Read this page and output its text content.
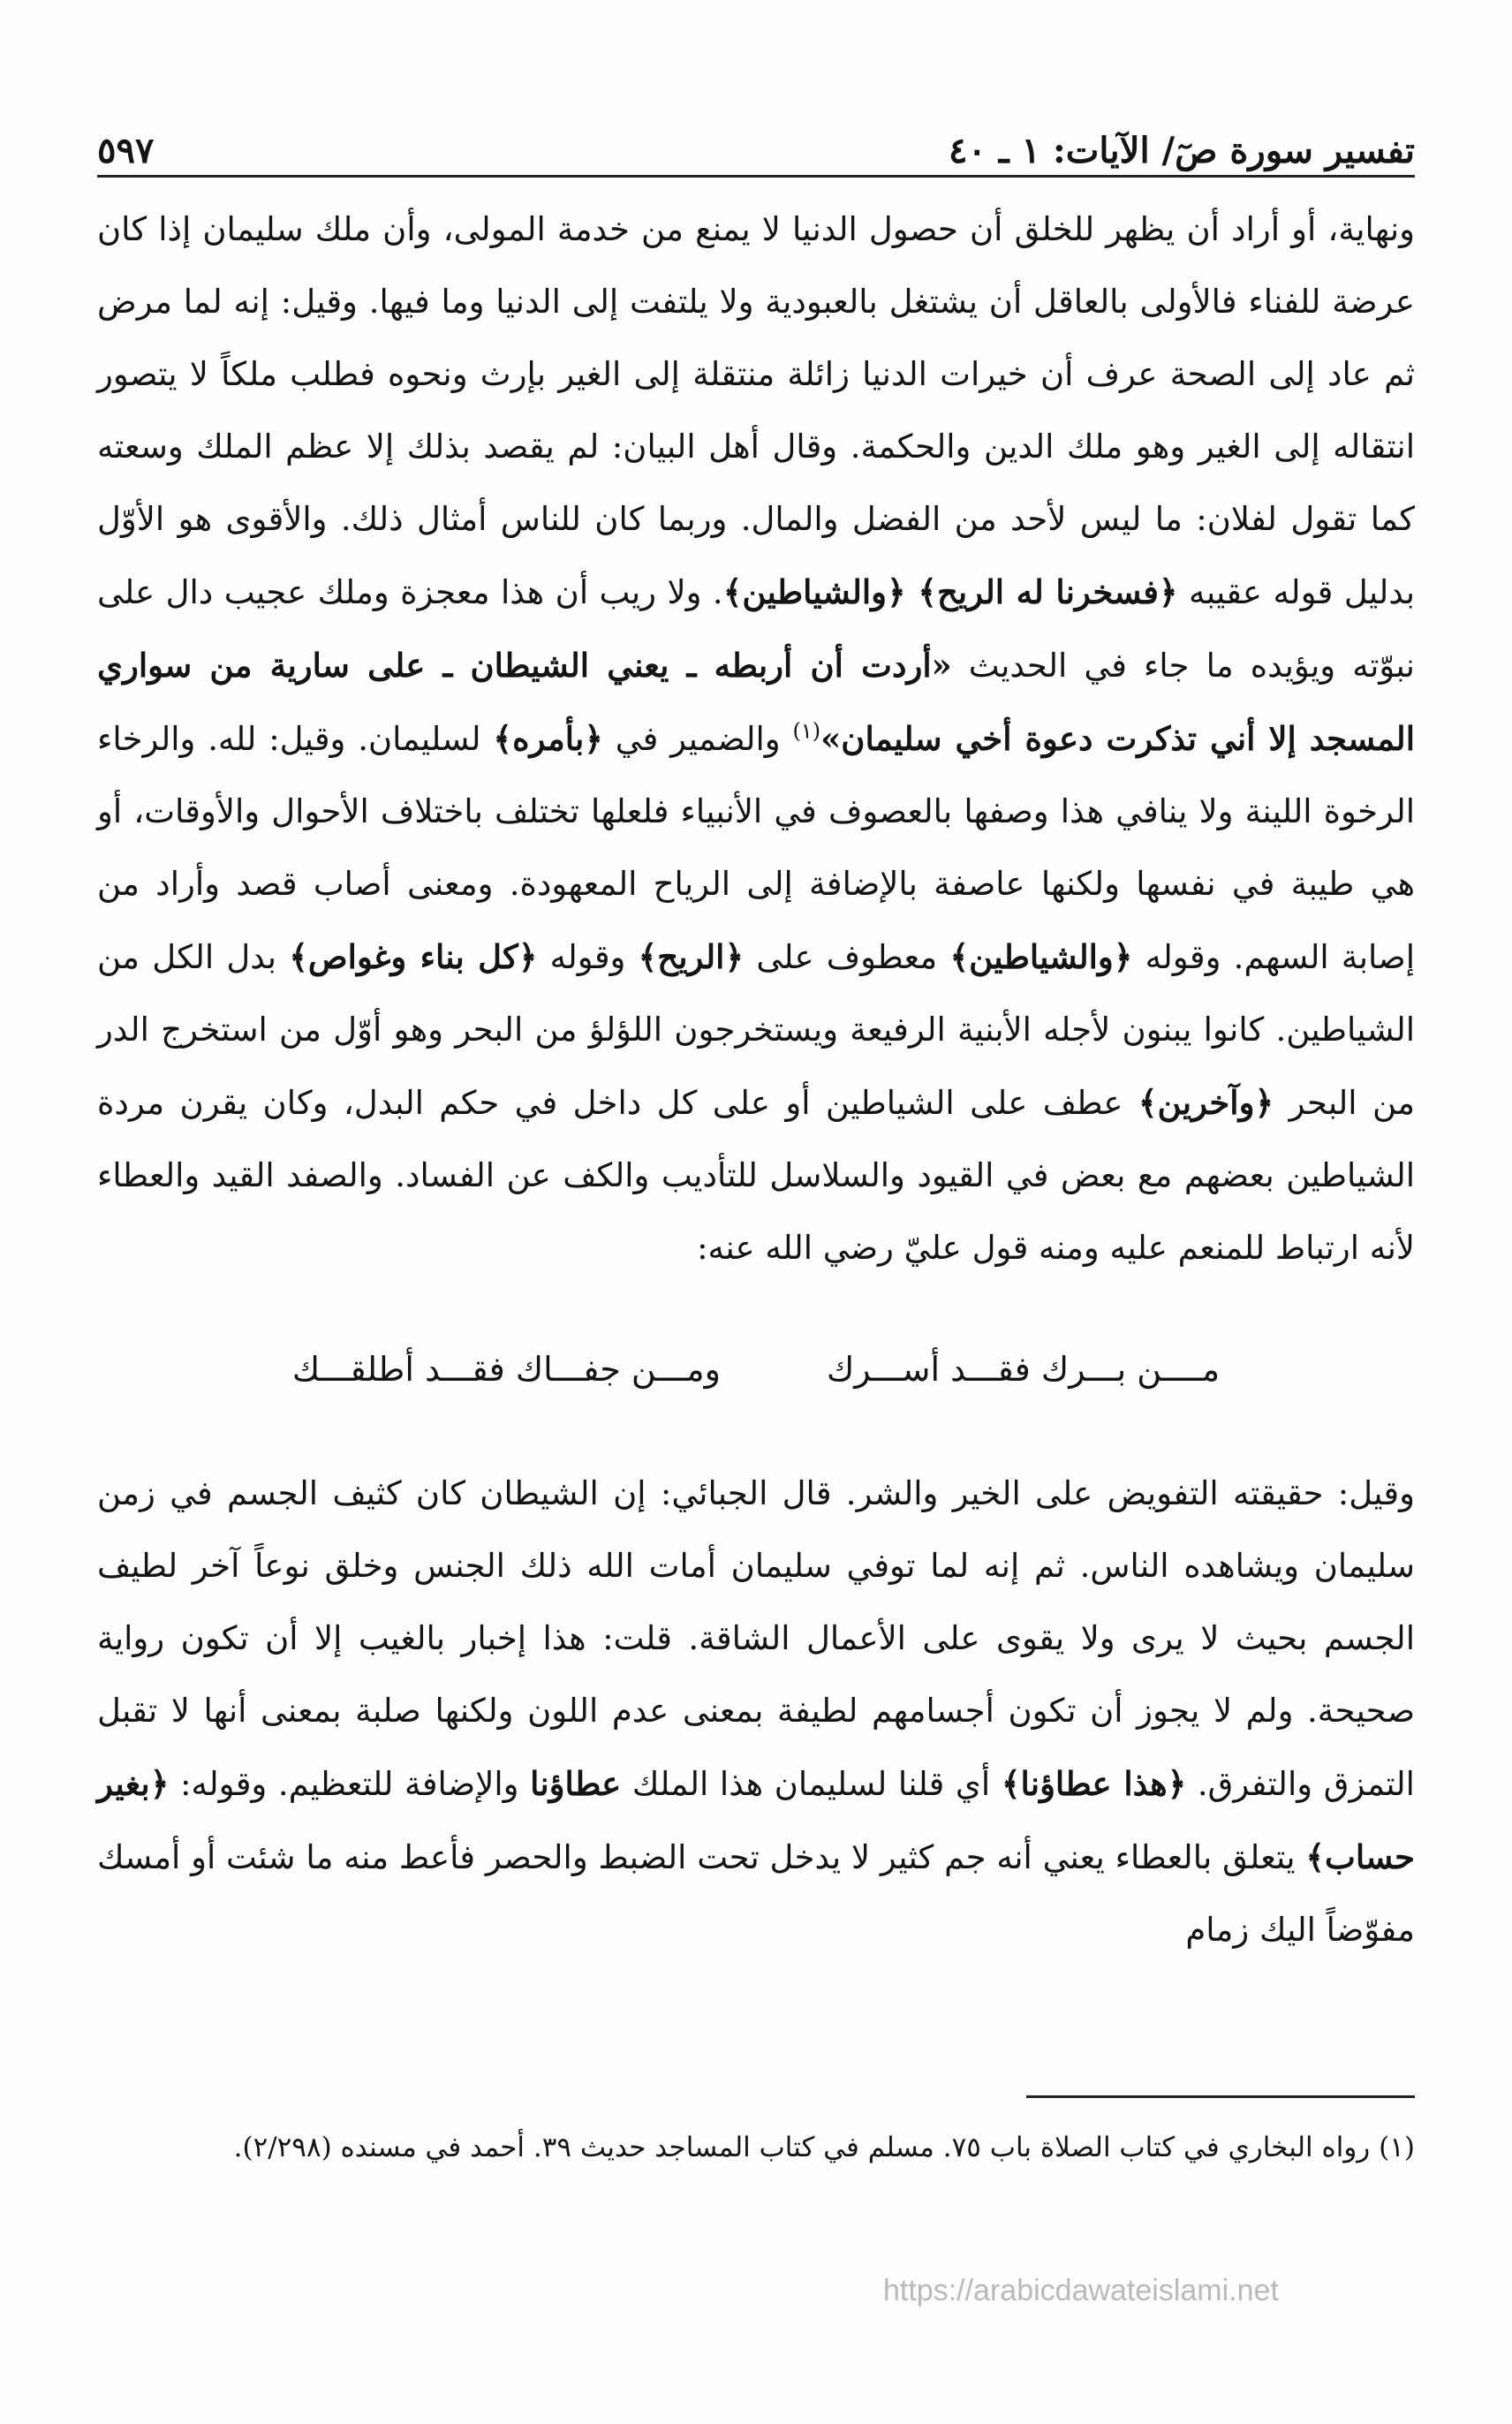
تفسير سورة صٓ/ الآيات: ١ ـ ٤٠
٥٩٧

ونهاية، أو أراد أن يظهر للخلق أن حصول الدنيا لا يمنع من خدمة المولى، وأن ملك سليمان إذا كان عرضة للفناء فالأولى بالعاقل أن يشتغل بالعبودية ولا يلتفت إلى الدنيا وما فيها. وقيل: إنه لما مرض ثم عاد إلى الصحة عرف أن خيرات الدنيا زائلة منتقلة إلى الغير بإرث ونحوه فطلب ملكاً لا يتصور انتقاله إلى الغير وهو ملك الدين والحكمة. وقال أهل البيان: لم يقصد بذلك إلا عظم الملك وسعته كما تقول لفلان: ما ليس لأحد من الفضل والمال. وربما كان للناس أمثال ذلك. والأقوى هو الأوّل بدليل قوله عقيبه ﴿فسخرنا له الريح﴾ ﴿والشياطين﴾. ولا ريب أن هذا معجزة وملك عجيب دال على نبوّته ويؤيده ما جاء في الحديث «أردت أن أربطه ـ يعني الشيطان ـ على سارية من سواري المسجد إلا أني تذكرت دعوة أخي سليمان»$^{(١)}$ والضمير في ﴿بأمره﴾ لسليمان. وقيل: لله. والرخاء الرخوة اللينة ولا ينافي هذا وصفها بالعصوف في الأنبياء فلعلها تختلف باختلاف الأحوال والأوقات، أو هي طيبة في نفسها ولكنها عاصفة بالإضافة إلى الرياح المعهودة. ومعنى أصاب قصد وأراد من إصابة السهم. وقوله ﴿والشياطين﴾ معطوف على ﴿الريح﴾ وقوله ﴿كل بناء وغواص﴾ بدل الكل من الشياطين. كانوا يبنون لأجله الأبنية الرفيعة ويستخرجون اللؤلؤ من البحر وهو أوّل من استخرج الدر من البحر ﴿وآخرين﴾ عطف على الشياطين أو على كل داخل في حكم البدل، وكان يقرن مردة الشياطين بعضهم مع بعض في القيود والسلاسل للتأديب والكف عن الفساد. والصفد القيد والعطاء لأنه ارتباط للمنعم عليه ومنه قول عليّ رضي الله عنه:

مــــن بـــرك فقـــد أســـرك
ومـــن جفـــاك فقـــد أطلقـــك

وقيل: حقيقته التفويض على الخير والشر. قال الجبائي: إن الشيطان كان كثيف الجسم في زمن سليمان ويشاهده الناس. ثم إنه لما توفي سليمان أمات الله ذلك الجنس وخلق نوعاً آخر لطيف الجسم بحيث لا يرى ولا يقوى على الأعمال الشاقة. قلت: هذا إخبار بالغيب إلا أن تكون رواية صحيحة. ولم لا يجوز أن تكون أجسامهم لطيفة بمعنى عدم اللون ولكنها صلبة بمعنى أنها لا تقبل التمزق والتفرق. ﴿هذا عطاؤنا﴾ أي قلنا لسليمان هذا الملك عطاؤنا والإضافة للتعظيم. وقوله: ﴿بغير حساب﴾ يتعلق بالعطاء يعني أنه جم كثير لا يدخل تحت الضبط والحصر فأعط منه ما شئت أو أمسك مفوّضاً اليك زمام

(١) رواه البخاري في كتاب الصلاة باب ٧٥. مسلم في كتاب المساجد حديث ٣٩. أحمد في مسنده (٢/٢٩٨).
https://arabicdawateislami.net
